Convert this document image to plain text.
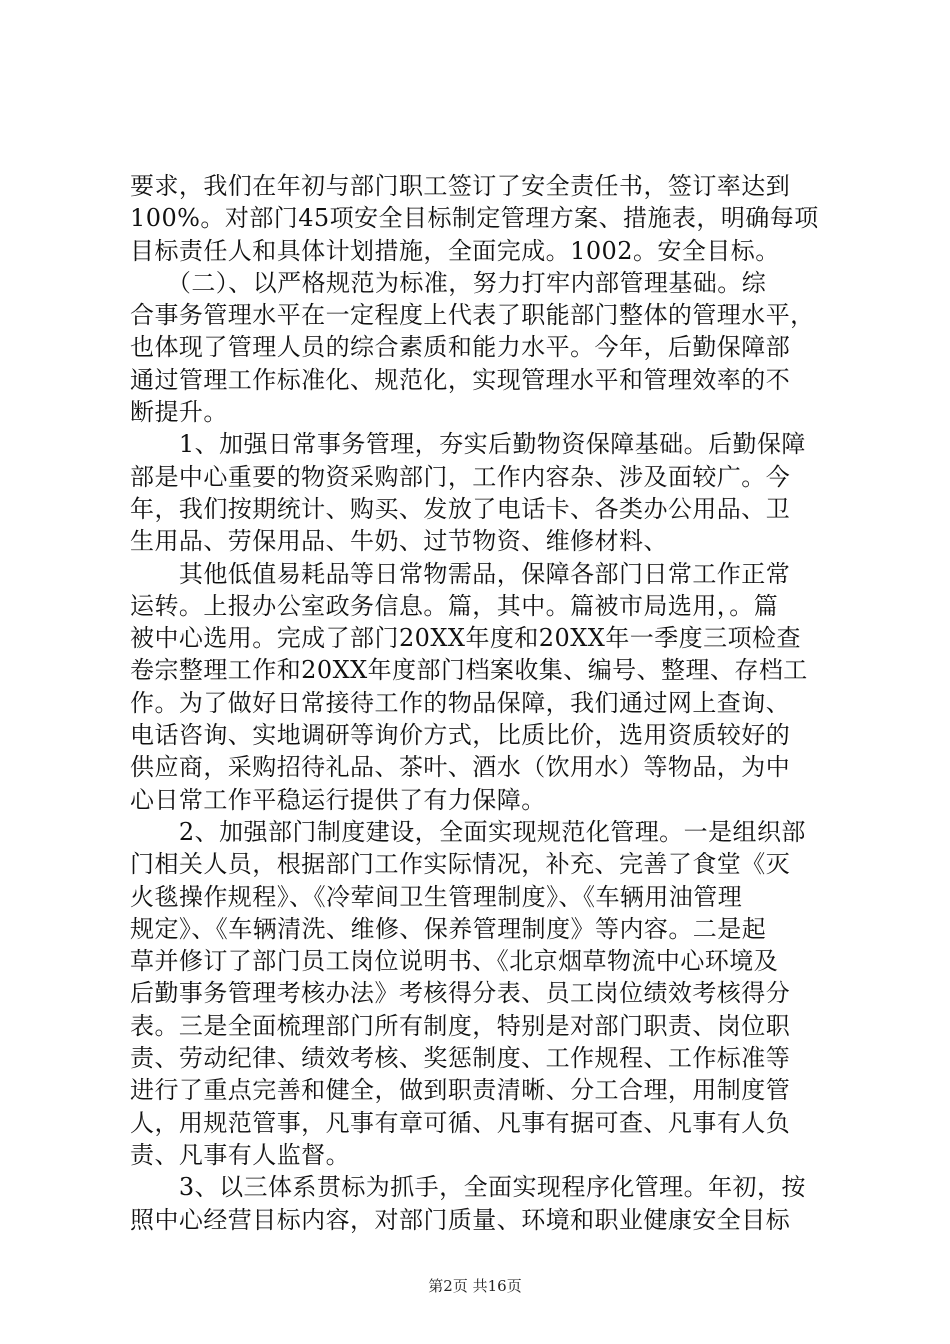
要求，我们在年初与部门职工签订了安全责任书，签订率达到
100%。对部门45项安全目标制定管理方案、措施表，明确每项
目标责任人和具体计划措施，全面完成。1002。安全目标。
　　（二）、以严格规范为标准，努力打牢内部管理基础。综
合事务管理水平在一定程度上代表了职能部门整体的管理水平，
也体现了管理人员的综合素质和能力水平。今年，后勤保障部
通过管理工作标准化、规范化，实现管理水平和管理效率的不
断提升。
　　1、加强日常事务管理，夯实后勤物资保障基础。后勤保障
部是中心重要的物资采购部门，工作内容杂、涉及面较广。今
年，我们按期统计、购买、发放了电话卡、各类办公用品、卫
生用品、劳保用品、牛奶、过节物资、维修材料、
　　其他低值易耗品等日常物需品，保障各部门日常工作正常
运转。上报办公室政务信息。篇，其中。篇被市局选用，。篇
被中心选用。完成了部门20XX年度和20XX年一季度三项检查
卷宗整理工作和20XX年度部门档案收集、编号、整理、存档工
作。为了做好日常接待工作的物品保障，我们通过网上查询、
电话咨询、实地调研等询价方式，比质比价，选用资质较好的
供应商，采购招待礼品、茶叶、酒水（饮用水）等物品，为中
心日常工作平稳运行提供了有力保障。
　　2、加强部门制度建设，全面实现规范化管理。一是组织部
门相关人员，根据部门工作实际情况，补充、完善了食堂《灭
火毯操作规程》、《冷荤间卫生管理制度》、《车辆用油管理
规定》、《车辆清洗、维修、保养管理制度》等内容。二是起
草并修订了部门员工岗位说明书、《北京烟草物流中心环境及
后勤事务管理考核办法》考核得分表、员工岗位绩效考核得分
表。三是全面梳理部门所有制度，特别是对部门职责、岗位职
责、劳动纪律、绩效考核、奖惩制度、工作规程、工作标准等
进行了重点完善和健全，做到职责清晰、分工合理，用制度管
人，用规范管事，凡事有章可循、凡事有据可查、凡事有人负
责、凡事有人监督。
　　3、以三体系贯标为抓手，全面实现程序化管理。年初，按
照中心经营目标内容，对部门质量、环境和职业健康安全目标
第2页 共16页
